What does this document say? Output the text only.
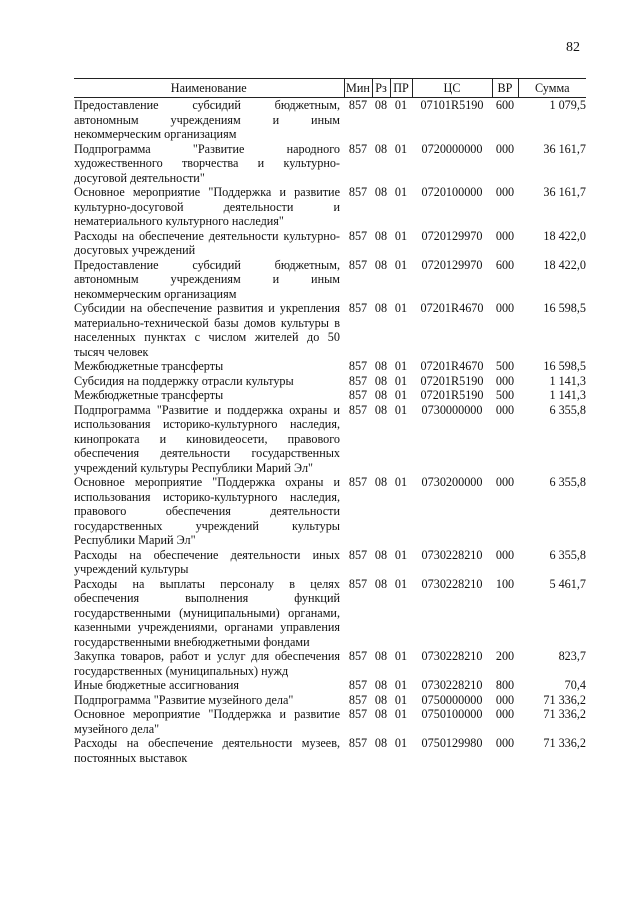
82
Наименование	Мин	Рз	ПР	ЦС	ВР	Сумма
Предоставление субсидий бюджетным, автономным учреждениям и иным некоммерческим организациям	857	08	01	07101R5190	600	1 079,5
Подпрограмма "Развитие народного художественного творчества и культурно-досуговой деятельности"	857	08	01	0720000000	000	36 161,7
Основное мероприятие "Поддержка и развитие культурно-досуговой деятельности и нематериального культурного наследия"	857	08	01	0720100000	000	36 161,7
Расходы на обеспечение деятельности культурно-досуговых учреждений	857	08	01	0720129970	000	18 422,0
Предоставление субсидий бюджетным, автономным учреждениям и иным некоммерческим организациям	857	08	01	0720129970	600	18 422,0
Субсидии на обеспечение развития и укрепления материально-технической базы домов культуры в населенных пунктах с числом жителей до 50 тысяч человек	857	08	01	07201R4670	000	16 598,5
Межбюджетные трансферты	857	08	01	07201R4670	500	16 598,5
Субсидия на поддержку отрасли культуры	857	08	01	07201R5190	000	1 141,3
Межбюджетные трансферты	857	08	01	07201R5190	500	1 141,3
Подпрограмма "Развитие и поддержка охраны и использования историко-культурного наследия, кинопроката и киновидеосети, правового обеспечения деятельности государственных учреждений культуры Республики Марий Эл"	857	08	01	0730000000	000	6 355,8
Основное мероприятие "Поддержка охраны и использования историко-культурного наследия, правового обеспечения деятельности государственных учреждений культуры Республики Марий Эл"	857	08	01	0730200000	000	6 355,8
Расходы на обеспечение деятельности иных учреждений культуры	857	08	01	0730228210	000	6 355,8
Расходы на выплаты персоналу в целях обеспечения выполнения функций государственными (муниципальными) органами, казенными учреждениями, органами управления государственными внебюджетными фондами	857	08	01	0730228210	100	5 461,7
Закупка товаров, работ и услуг для обеспечения государственных (муниципальных) нужд	857	08	01	0730228210	200	823,7
Иные бюджетные ассигнования	857	08	01	0730228210	800	70,4
Подпрограмма "Развитие музейного дела"	857	08	01	0750000000	000	71 336,2
Основное мероприятие "Поддержка и развитие музейного дела"	857	08	01	0750100000	000	71 336,2
Расходы на обеспечение деятельности музеев, постоянных выставок	857	08	01	0750129980	000	71 336,2
